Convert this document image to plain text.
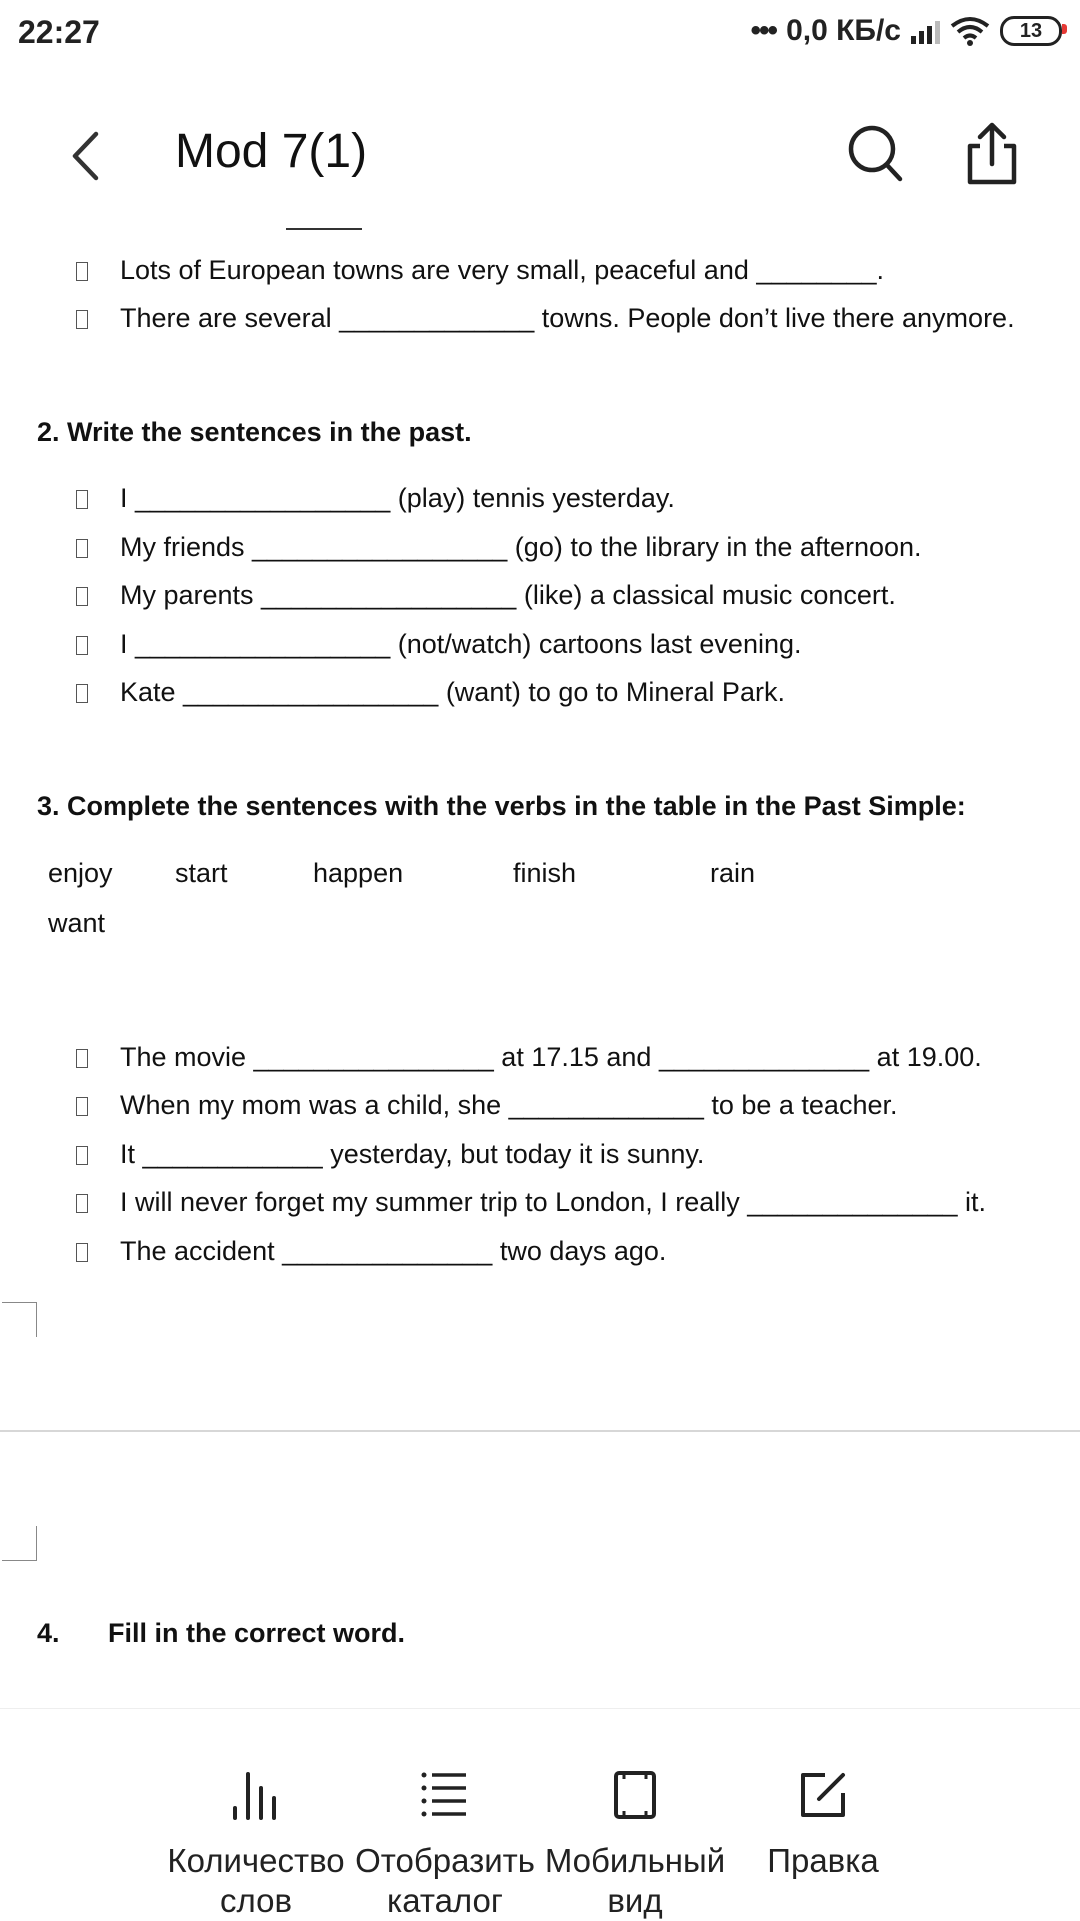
22:27	••• 0,0 КБ/с	13
Mod 7(1)
Lots of European towns are very small, peaceful and ________.
There are several _____________ towns. People don’t live there anymore.
2. Write the sentences in the past.
I _________________ (play) tennis yesterday.
My friends _________________ (go) to the library in the afternoon.
My parents _________________ (like) a classical music concert.
I _________________ (not/watch) cartoons last evening.
Kate _________________ (want) to go to Mineral Park.
3. Complete the sentences with the verbs in the table in the Past Simple:
enjoy start	happen	finish	rain
want
The movie ________________ at 17.15 and ______________ at 19.00.
When my mom was a child, she _____________ to be a teacher.
It ____________ yesterday, but today it is sunny.
I will never forget my summer trip to London, I really ______________ it.
The accident ______________ two days ago.
4. Fill in the correct word.
Количество
слов
Отобразить
каталог
Мобильный
вид
Правка
